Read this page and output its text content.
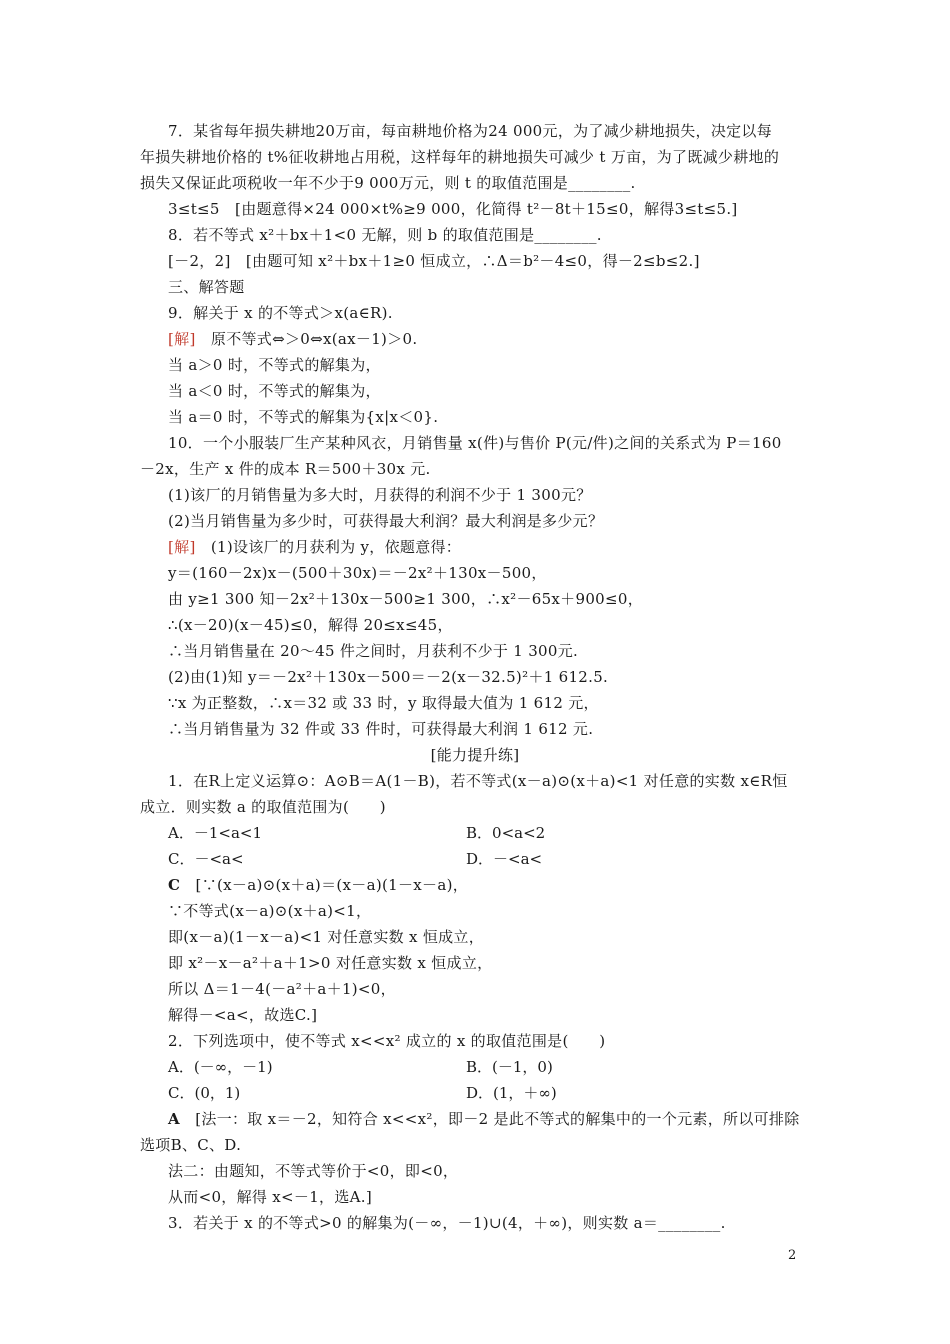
7．某省每年损失耕地20万亩，每亩耕地价格为24 000元，为了减少耕地损失，决定以每

年损失耕地价格的 t%征收耕地占用税，这样每年的耕地损失可减少 t 万亩，为了既减少耕地的

损失又保证此项税收一年不少于9 000万元，则 t 的取值范围是________.

3≤t≤5　[由题意得×24 000×t%≥9 000，化简得 t²－8t＋15≤0，解得3≤t≤5.]

8．若不等式 x²＋bx＋1<0 无解，则 b 的取值范围是________.

[－2，2]　[由题可知 x²＋bx＋1≥0 恒成立，∴Δ＝b²－4≤0，得－2≤b≤2.]

三、解答题

9．解关于 x 的不等式＞x(a∈R).

[解]　原不等式⇔＞0⇔x(ax－1)＞0.

当 a＞0 时，不等式的解集为，

当 a＜0 时，不等式的解集为，

当 a＝0 时，不等式的解集为{x|x＜0}.

10．一个小服装厂生产某种风衣，月销售量 x(件)与售价 P(元/件)之间的关系式为 P＝160

－2x，生产 x 件的成本 R＝500＋30x 元.

(1)该厂的月销售量为多大时，月获得的利润不少于 1 300元？

(2)当月销售量为多少时，可获得最大利润？最大利润是多少元？

[解]　(1)设该厂的月获利为 y，依题意得：

y＝(160－2x)x－(500＋30x)＝－2x²＋130x－500，

由 y≥1 300 知－2x²＋130x－500≥1 300，∴x²－65x＋900≤0，

∴(x－20)(x－45)≤0，解得 20≤x≤45，

∴当月销售量在 20～45 件之间时，月获利不少于 1 300元.

(2)由(1)知 y＝－2x²＋130x－500＝－2(x－32.5)²＋1 612.5.

∵x 为正整数，∴x＝32 或 33 时，y 取得最大值为 1 612 元，

∴当月销售量为 32 件或 33 件时，可获得最大利润 1 612 元.

[能力提升练]

1．在R上定义运算⊙：A⊙B＝A(1－B)，若不等式(x－a)⊙(x＋a)<1 对任意的实数 x∈R恒

成立．则实数 a 的取值范围为(　　)

A．－1<a<1	B．0<a<2
C．－<a<	D．－<a<

C　[∵(x－a)⊙(x＋a)＝(x－a)(1－x－a)，

∵不等式(x－a)⊙(x＋a)<1，

即(x－a)(1－x－a)<1 对任意实数 x 恒成立，

即 x²－x－a²＋a＋1>0 对任意实数 x 恒成立，

所以 Δ＝1－4(－a²＋a＋1)<0，

解得－<a<，故选C.]

2．下列选项中，使不等式 x<<x² 成立的 x 的取值范围是(　　)

A．(－∞，－1)	B．(－1，0)
C．(0，1)	D．(1，＋∞)

A　[法一：取 x＝－2，知符合 x<<x²，即－2 是此不等式的解集中的一个元素，所以可排除

选项B、C、D.

法二：由题知，不等式等价于<0，即<0，

从而<0，解得 x<－1，选A.]

3．若关于 x 的不等式>0 的解集为(－∞，－1)∪(4，＋∞)，则实数 a＝________.

2
